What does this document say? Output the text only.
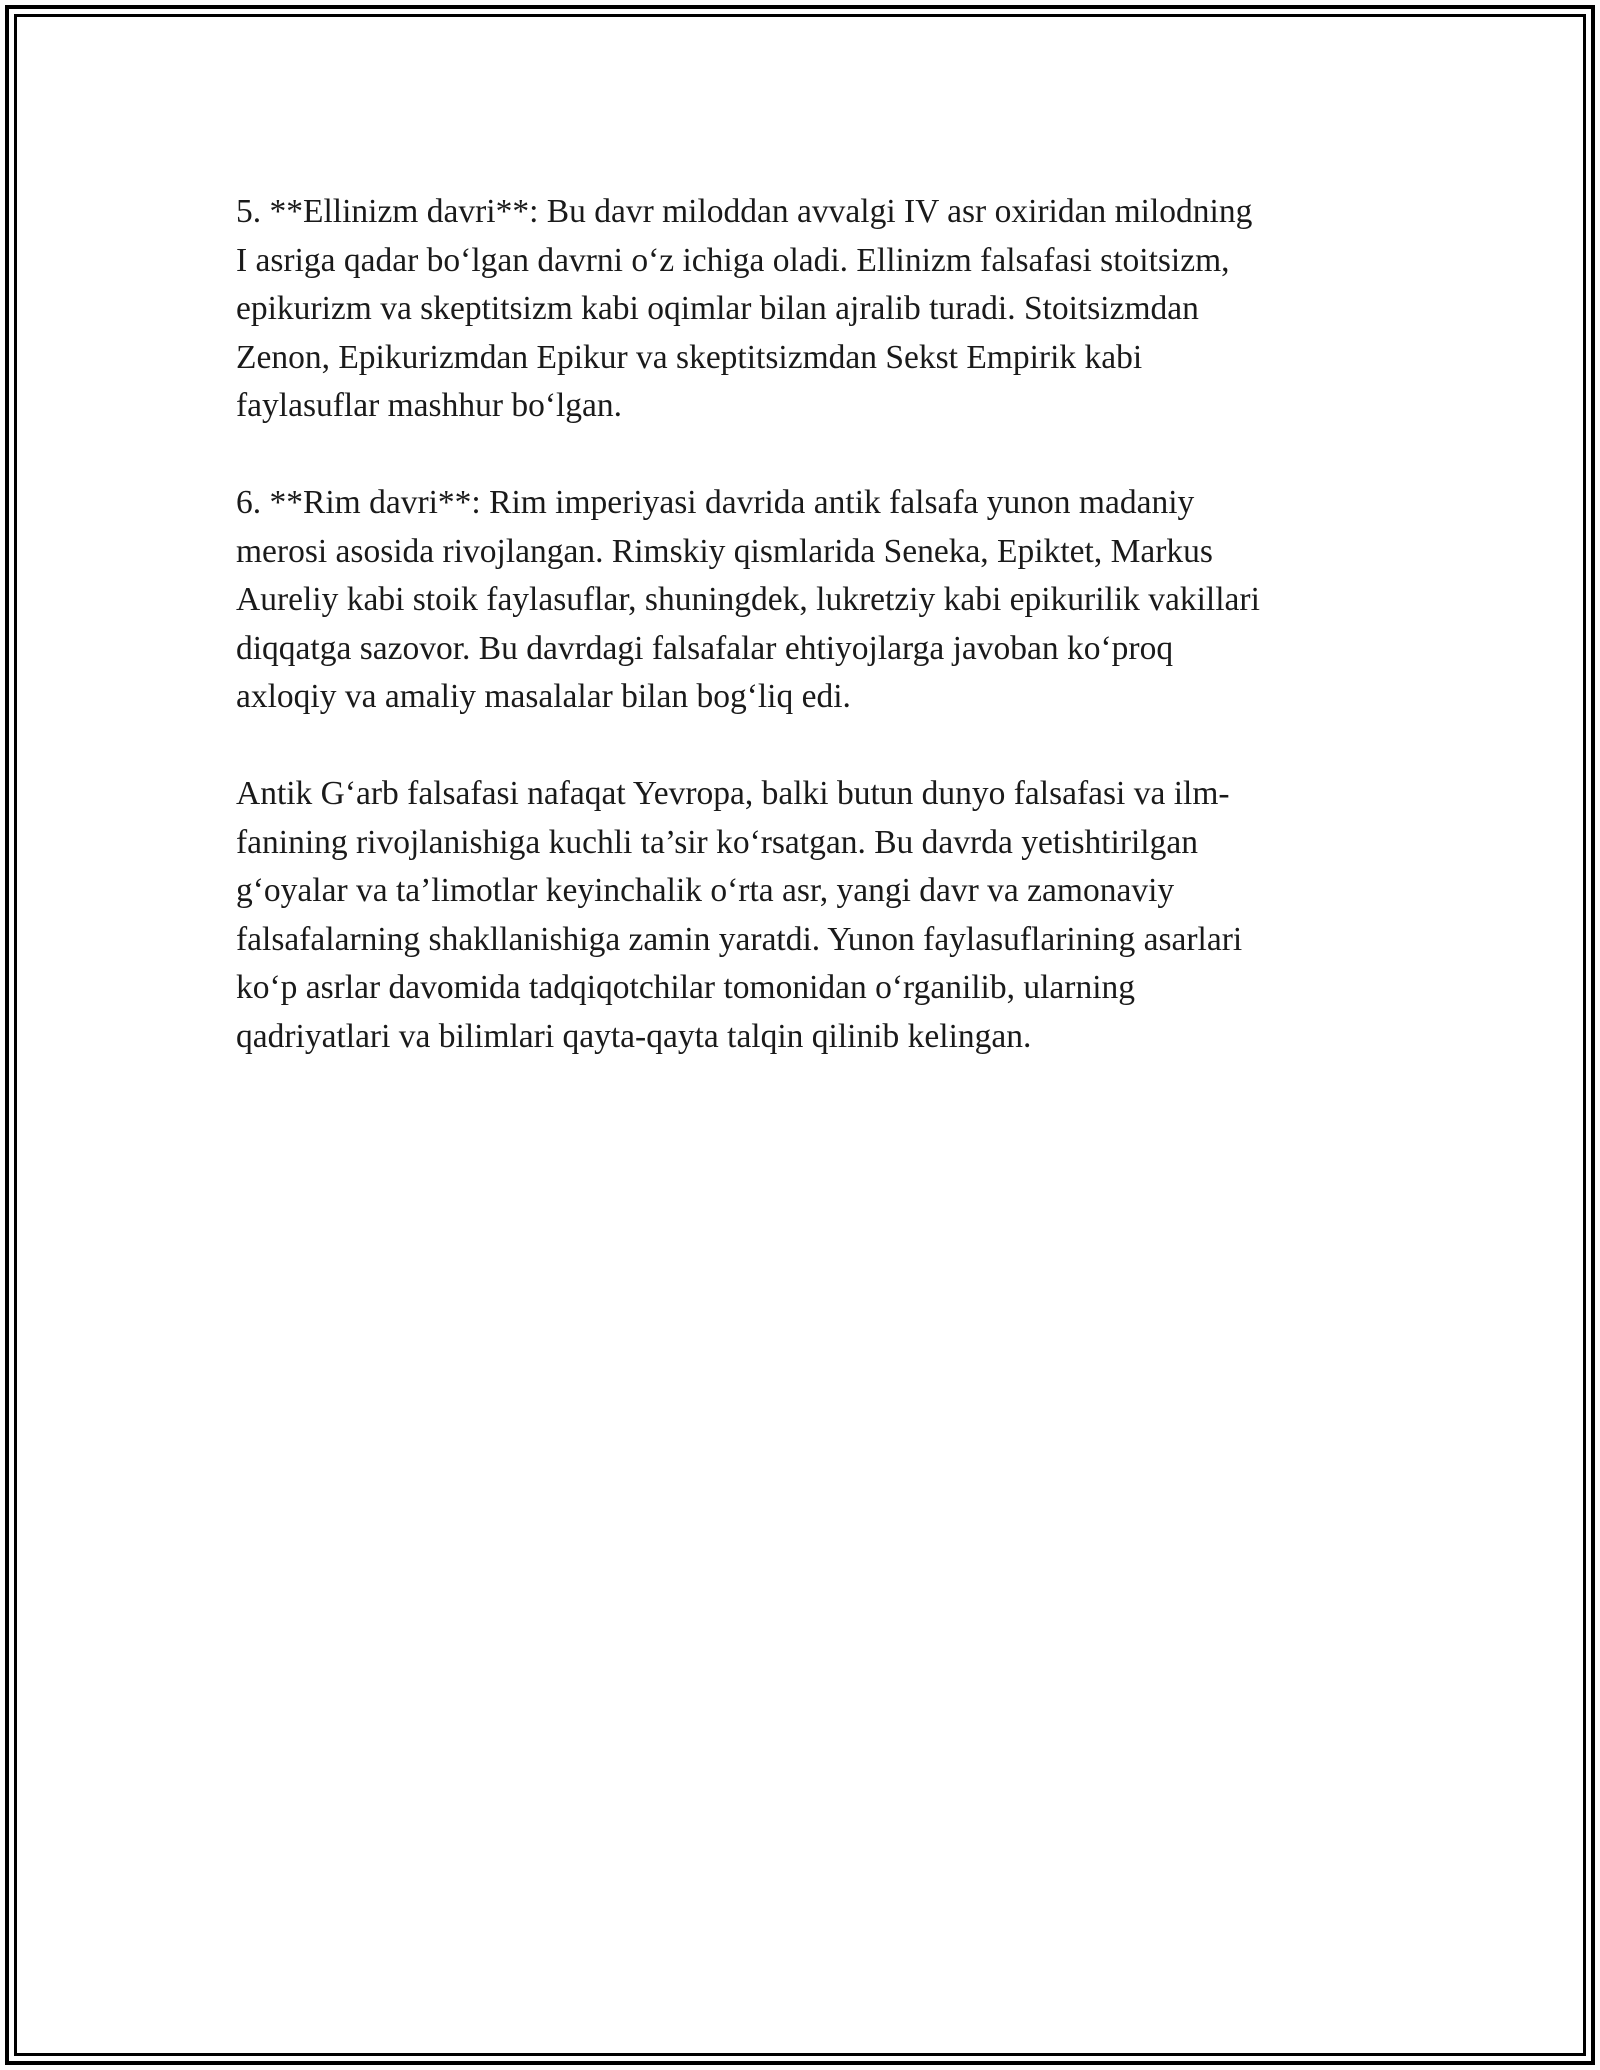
5. **Ellinizm davri**: Bu davr miloddan avvalgi IV asr oxiridan milodning
I asriga qadar bo‘lgan davrni o‘z ichiga oladi. Ellinizm falsafasi stoitsizm,
epikurizm va skeptitsizm kabi oqimlar bilan ajralib turadi. Stoitsizmdan
Zenon, Epikurizmdan Epikur va skeptitsizmdan Sekst Empirik kabi
faylasuflar mashhur bo‘lgan.

6. **Rim davri**: Rim imperiyasi davrida antik falsafa yunon madaniy
merosi asosida rivojlangan. Rimskiy qismlarida Seneka, Epiktet, Markus
Aureliy kabi stoik faylasuflar, shuningdek, lukretziy kabi epikurilik vakillari
diqqatga sazovor. Bu davrdagi falsafalar ehtiyojlarga javoban ko‘proq
axloqiy va amaliy masalalar bilan bog‘liq edi.

Antik G‘arb falsafasi nafaqat Yevropa, balki butun dunyo falsafasi va ilm-
fanining rivojlanishiga kuchli ta’sir ko‘rsatgan. Bu davrda yetishtirilgan
g‘oyalar va ta’limotlar keyinchalik o‘rta asr, yangi davr va zamonaviy
falsafalarning shakllanishiga zamin yaratdi. Yunon faylasuflarining asarlari
ko‘p asrlar davomida tadqiqotchilar tomonidan o‘rganilib, ularning
qadriyatlari va bilimlari qayta-qayta talqin qilinib kelingan.
